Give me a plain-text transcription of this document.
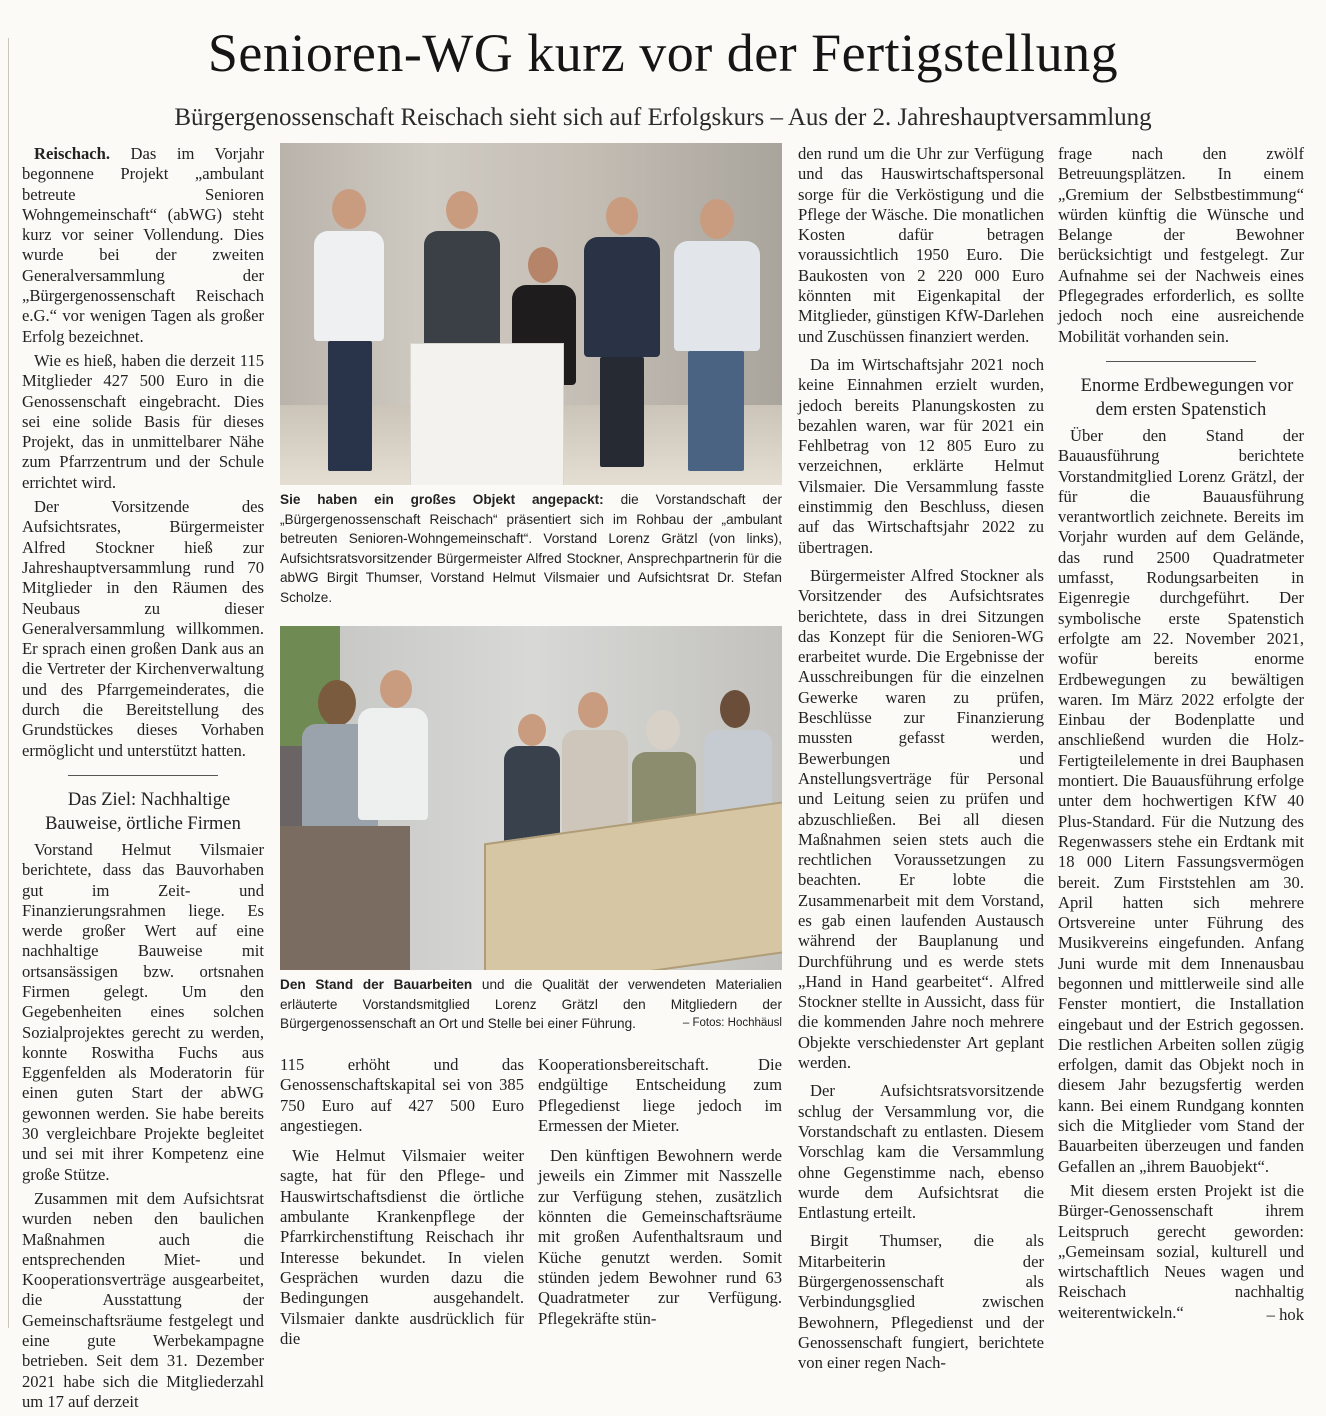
Senioren-WG kurz vor der Fertigstellung
Bürgergenossenschaft Reischach sieht sich auf Erfolgskurs – Aus der 2. Jahreshauptversammlung

Reischach. Das im Vorjahr begonnene Projekt „ambulant betreute Senioren Wohngemeinschaft“ (abWG) steht kurz vor seiner Vollendung. Dies wurde bei der zweiten Generalversammlung der „Bürgergenossenschaft Reischach e.G.“ vor wenigen Tagen als großer Erfolg bezeichnet.

Wie es hieß, haben die derzeit 115 Mitglieder 427 500 Euro in die Genossenschaft eingebracht. Dies sei eine solide Basis für dieses Projekt, das in unmittelbarer Nähe zum Pfarrzentrum und der Schule errichtet wird.

Der Vorsitzende des Aufsichtsrates, Bürgermeister Alfred Stockner hieß zur Jahreshauptversammlung rund 70 Mitglieder in den Räumen des Neubaus zu dieser Generalversammlung willkommen. Er sprach einen großen Dank aus an die Vertreter der Kirchenverwaltung und des Pfarrgemeinderates, die durch die Bereitstellung des Grundstückes dieses Vorhaben ermöglicht und unterstützt hatten.

Das Ziel: Nachhaltige Bauweise, örtliche Firmen

Vorstand Helmut Vilsmaier berichtete, dass das Bauvorhaben gut im Zeit- und Finanzierungsrahmen liege. Es werde großer Wert auf eine nachhaltige Bauweise mit ortsansässigen bzw. ortsnahen Firmen gelegt. Um den Gegebenheiten eines solchen Sozialprojektes gerecht zu werden, konnte Roswitha Fuchs aus Eggenfelden als Moderatorin für einen guten Start der abWG gewonnen werden. Sie habe bereits 30 vergleichbare Projekte begleitet und sei mit ihrer Kompetenz eine große Stütze.

Zusammen mit dem Aufsichtsrat wurden neben den baulichen Maßnahmen auch die entsprechenden Miet- und Kooperationsverträge ausgearbeitet, die Ausstattung der Gemeinschaftsräume festgelegt und eine gute Werbekampagne betrieben. Seit dem 31. Dezember 2021 habe sich die Mitgliederzahl um 17 auf derzeit

Sie haben ein großes Objekt angepackt: die Vorstandschaft der „Bürgergenossenschaft Reischach“ präsentiert sich im Rohbau der „ambulant betreuten Senioren-Wohngemeinschaft“. Vorstand Lorenz Grätzl (von links), Aufsichtsratsvorsitzender Bürgermeister Alfred Stockner, Ansprechpartnerin für die abWG Birgit Thumser, Vorstand Helmut Vilsmaier und Aufsichtsrat Dr. Stefan Scholze.
Den Stand der Bauarbeiten und die Qualität der verwendeten Materialien erläuterte Vorstandsmitglied Lorenz Grätzl den Mitgliedern der Bürgergenossenschaft an Ort und Stelle bei einer Führung.	– Fotos: Hochhäusl

115 erhöht und das Genossenschaftskapital sei von 385 750 Euro auf 427 500 Euro angestiegen.

Wie Helmut Vilsmaier weiter sagte, hat für den Pflege- und Hauswirtschaftsdienst die örtliche ambulante Krankenpflege der Pfarrkirchenstiftung Reischach ihr Interesse bekundet. In vielen Gesprächen wurden dazu die Bedingungen ausgehandelt. Vilsmaier dankte ausdrücklich für die

Kooperationsbereitschaft. Die endgültige Entscheidung zum Pflegedienst liege jedoch im Ermessen der Mieter.

Den künftigen Bewohnern werde jeweils ein Zimmer mit Nasszelle zur Verfügung stehen, zusätzlich könnten die Gemeinschaftsräume mit großen Aufenthaltsraum und Küche genutzt werden. Somit stünden jedem Bewohner rund 63 Quadratmeter zur Verfügung. Pflegekräfte stün-

den rund um die Uhr zur Verfügung und das Hauswirtschaftspersonal sorge für die Verköstigung und die Pflege der Wäsche. Die monatlichen Kosten dafür betragen voraussichtlich 1950 Euro. Die Baukosten von 2 220 000 Euro könnten mit Eigenkapital der Mitglieder, günstigen KfW-Darlehen und Zuschüssen finanziert werden.

Da im Wirtschaftsjahr 2021 noch keine Einnahmen erzielt wurden, jedoch bereits Planungskosten zu bezahlen waren, war für 2021 ein Fehlbetrag von 12 805 Euro zu verzeichnen, erklärte Helmut Vilsmaier. Die Versammlung fasste einstimmig den Beschluss, diesen auf das Wirtschaftsjahr 2022 zu übertragen.

Bürgermeister Alfred Stockner als Vorsitzender des Aufsichtsrates berichtete, dass in drei Sitzungen das Konzept für die Senioren-WG erarbeitet wurde. Die Ergebnisse der Ausschreibungen für die einzelnen Gewerke waren zu prüfen, Beschlüsse zur Finanzierung mussten gefasst werden, Bewerbungen und Anstellungsverträge für Personal und Leitung seien zu prüfen und abzuschließen. Bei all diesen Maßnahmen seien stets auch die rechtlichen Voraussetzungen zu beachten. Er lobte die Zusammenarbeit mit dem Vorstand, es gab einen laufenden Austausch während der Bauplanung und Durchführung und es werde stets „Hand in Hand gearbeitet“. Alfred Stockner stellte in Aussicht, dass für die kommenden Jahre noch mehrere Objekte verschiedenster Art geplant werden.

Der Aufsichtsratsvorsitzende schlug der Versammlung vor, die Vorstandschaft zu entlasten. Diesem Vorschlag kam die Versammlung ohne Gegenstimme nach, ebenso wurde dem Aufsichtsrat die Entlastung erteilt.

Birgit Thumser, die als Mitarbeiterin der Bürgergenossenschaft als Verbindungsglied zwischen Bewohnern, Pflegedienst und der Genossenschaft fungiert, berichtete von einer regen Nach-

frage nach den zwölf Betreuungsplätzen. In einem „Gremium der Selbstbestimmung“ würden künftig die Wünsche und Belange der Bewohner berücksichtigt und festgelegt. Zur Aufnahme sei der Nachweis eines Pflegegrades erforderlich, es sollte jedoch noch eine ausreichende Mobilität vorhanden sein.

Enorme Erdbewegungen vor dem ersten Spatenstich

Über den Stand der Bauausführung berichtete Vorstandmitglied Lorenz Grätzl, der für die Bauausführung verantwortlich zeichnete. Bereits im Vorjahr wurden auf dem Gelände, das rund 2500 Quadratmeter umfasst, Rodungsarbeiten in Eigenregie durchgeführt. Der symbolische erste Spatenstich erfolgte am 22. November 2021, wofür bereits enorme Erdbewegungen zu bewältigen waren. Im März 2022 erfolgte der Einbau der Bodenplatte und anschließend wurden die Holz-Fertigteilelemente in drei Bauphasen montiert. Die Bauausführung erfolge unter dem hochwertigen KfW 40 Plus-Standard. Für die Nutzung des Regenwassers stehe ein Erdtank mit 18 000 Litern Fassungsvermögen bereit. Zum Firststehlen am 30. April hatten sich mehrere Ortsvereine unter Führung des Musikvereins eingefunden. Anfang Juni wurde mit dem Innenausbau begonnen und mittlerweile sind alle Fenster montiert, die Installation eingebaut und der Estrich gegossen. Die restlichen Arbeiten sollen zügig erfolgen, damit das Objekt noch in diesem Jahr bezugsfertig werden kann. Bei einem Rundgang konnten sich die Mitglieder vom Stand der Bauarbeiten überzeugen und fanden Gefallen an „ihrem Bauobjekt“.

Mit diesem ersten Projekt ist die Bürger-Genossenschaft ihrem Leitspruch gerecht geworden: „Gemeinsam sozial, kulturell und wirtschaftlich Neues wagen und Reischach nachhaltig weiterentwickeln.“	– hok
